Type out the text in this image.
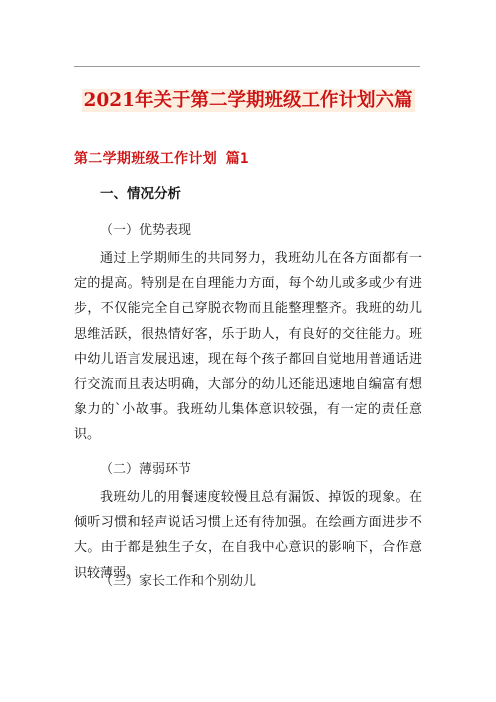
2021年关于第二学期班级工作计划六篇
第二学期班级工作计划 篇1
一、情况分析
（一）优势表现
通过上学期师生的共同努力，我班幼儿在各方面都有一定的提高。特别是在自理能力方面，每个幼儿或多或少有进步，不仅能完全自己穿脱衣物而且能整理整齐。我班的幼儿思维活跃，很热情好客，乐于助人，有良好的交往能力。班中幼儿语言发展迅速，现在每个孩子都回自觉地用普通话进行交流而且表达明确，大部分的幼儿还能迅速地自编富有想象力的`小故事。我班幼儿集体意识较强，有一定的责任意识。
（二）薄弱环节
我班幼儿的用餐速度较慢且总有漏饭、掉饭的现象。在倾听习惯和轻声说话习惯上还有待加强。在绘画方面进步不大。由于都是独生子女，在自我中心意识的影响下，合作意识较薄弱。
（三）家长工作和个别幼儿
